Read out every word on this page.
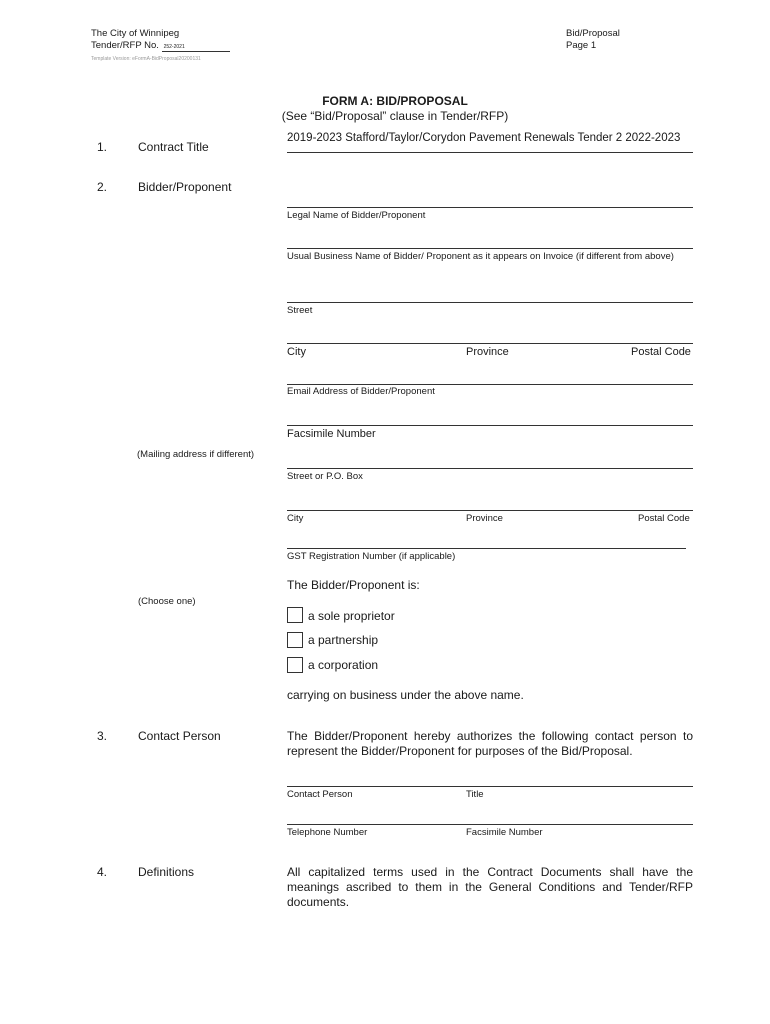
The City of Winnipeg
Tender/RFP No. 252-2021
Template Version: eFormA-BidProposal20200131
Bid/Proposal
Page 1
FORM A: BID/PROPOSAL
(See “Bid/Proposal” clause in Tender/RFP)
1.	Contract Title
2019-2023 Stafford/Taylor/Corydon Pavement Renewals Tender 2 2022-2023
2.	Bidder/Proponent
Legal Name of Bidder/Proponent
Usual Business Name of Bidder/ Proponent as it appears on Invoice (if different from above)
Street
City	Province	Postal Code
Email Address of Bidder/Proponent
Facsimile Number
(Mailing address if different)
Street or P.O. Box
City	Province	Postal Code
GST Registration Number (if applicable)
The Bidder/Proponent is:
(Choose one)
a sole proprietor
a partnership
a corporation
carrying on business under the above name.
3.	Contact Person	The Bidder/Proponent hereby authorizes the following contact person to represent the Bidder/Proponent for purposes of the Bid/Proposal.
Contact Person	Title
Telephone Number	Facsimile Number
4.	Definitions	All capitalized terms used in the Contract Documents shall have the meanings ascribed to them in the General Conditions and Tender/RFP documents.
